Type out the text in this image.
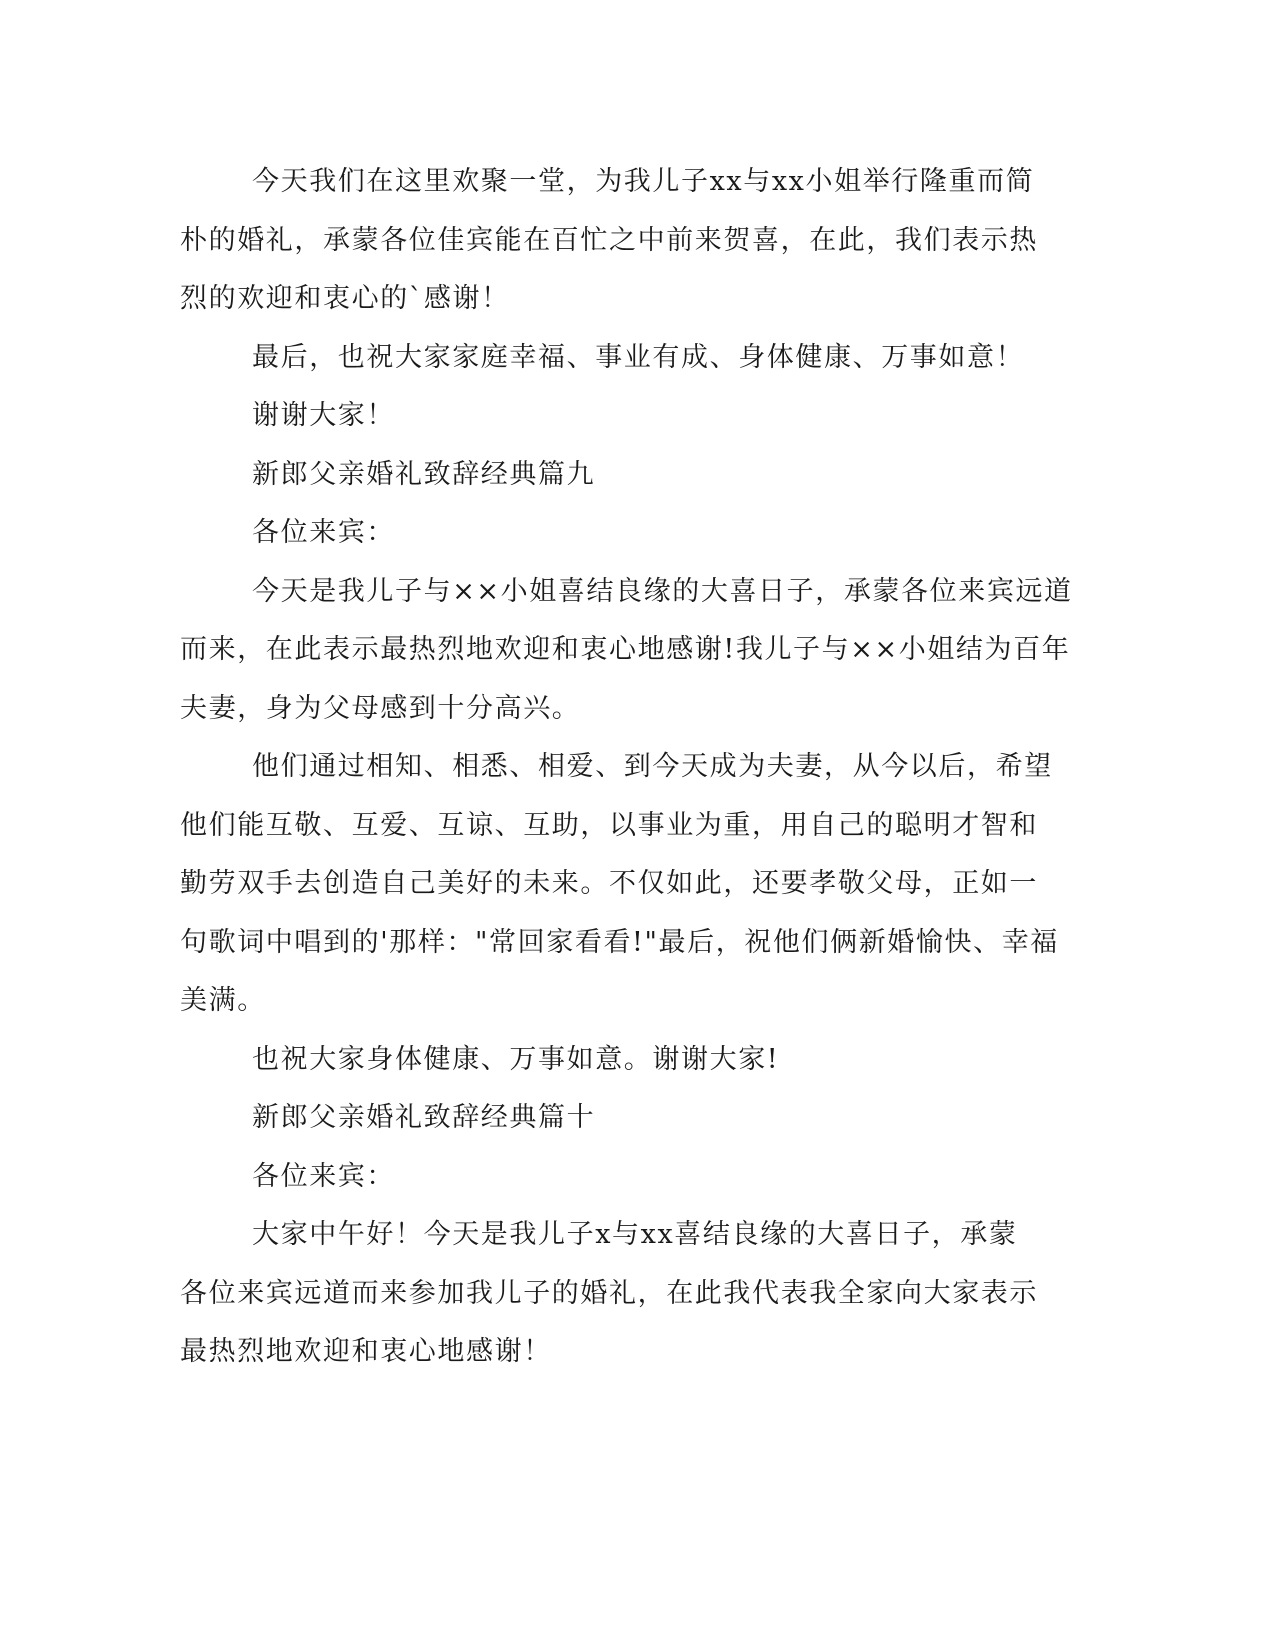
今天我们在这里欢聚一堂，为我儿子xx与xx小姐举行隆重而简

朴的婚礼，承蒙各位佳宾能在百忙之中前来贺喜，在此，我们表示热

烈的欢迎和衷心的`感谢！

最后，也祝大家家庭幸福、事业有成、身体健康、万事如意！

谢谢大家！

新郎父亲婚礼致辞经典篇九

各位来宾：

今天是我儿子与××小姐喜结良缘的大喜日子，承蒙各位来宾远道

而来，在此表示最热烈地欢迎和衷心地感谢!我儿子与××小姐结为百年

夫妻，身为父母感到十分高兴。

他们通过相知、相悉、相爱、到今天成为夫妻，从今以后，希望

他们能互敬、互爱、互谅、互助，以事业为重，用自己的聪明才智和

勤劳双手去创造自己美好的未来。不仅如此，还要孝敬父母，正如一

句歌词中唱到的'那样："常回家看看!"最后，祝他们俩新婚愉快、幸福

美满。

也祝大家身体健康、万事如意。谢谢大家!

新郎父亲婚礼致辞经典篇十

各位来宾：

大家中午好！今天是我儿子x与xx喜结良缘的大喜日子，承蒙

各位来宾远道而来参加我儿子的婚礼，在此我代表我全家向大家表示

最热烈地欢迎和衷心地感谢！
